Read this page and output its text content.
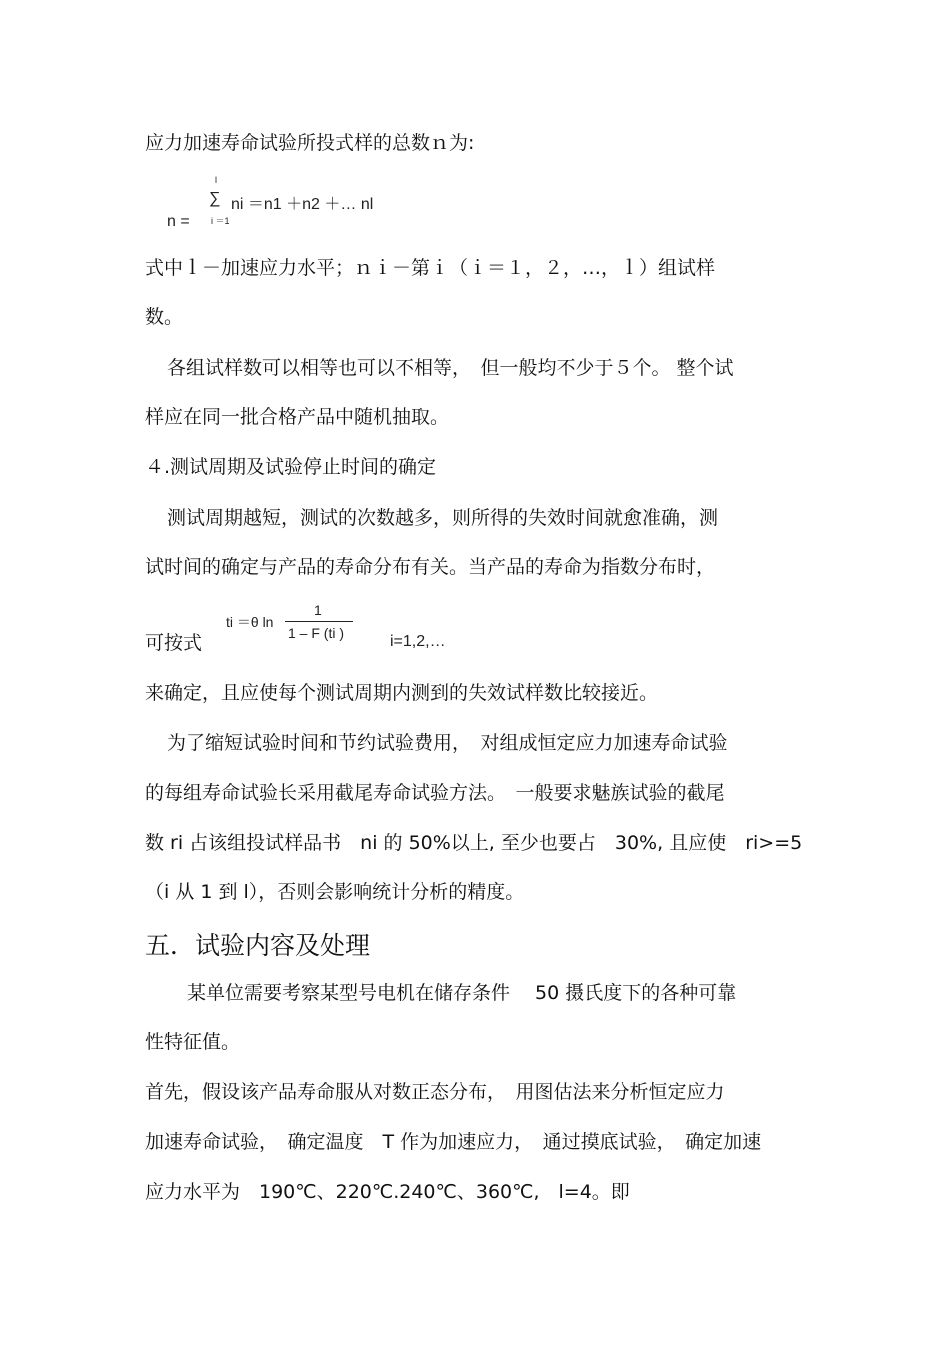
应力加速寿命试验所投式样的总数ｎ为:
l
∑ ni ＝n1 ＋n2 ＋… nl
i ＝1
n =
式中ｌ－加速应力水平；ｎｉ－第ｉ（ｉ＝１，２，…，ｌ）组试样
数。
各组试样数可以相等也可以不相等，　但一般均不少于５个。 整个试
样应在同一批合格产品中随机抽取。
４.测试周期及试验停止时间的确定
测试周期越短，测试的次数越多，则所得的失效时间就愈准确，测
试时间的确定与产品的寿命分布有关。当产品的寿命为指数分布时，
可按式
ti ＝θ ln
1
1 – F (ti )	i=1,2,…
来确定，且应使每个测试周期内测到的失效试样数比较接近。
为了缩短试验时间和节约试验费用，　对组成恒定应力加速寿命试验
的每组寿命试验长采用截尾寿命试验方法。　一般要求魅族试验的截尾
数 ri 占该组投试样品书　ni 的 50%以上, 至少也要占　30%, 且应使　ri>=5
（i 从 1 到 l），否则会影响统计分析的精度。
五．试验内容及处理
某单位需要考察某型号电机在储存条件　 50 摄氏度下的各种可靠
性特征值。
首先，假设该产品寿命服从对数正态分布，　用图估法来分析恒定应力
加速寿命试验，　确定温度　T 作为加速应力，　通过摸底试验，　确定加速
应力水平为　190℃、220℃.240℃、360℃,　l=4。即
